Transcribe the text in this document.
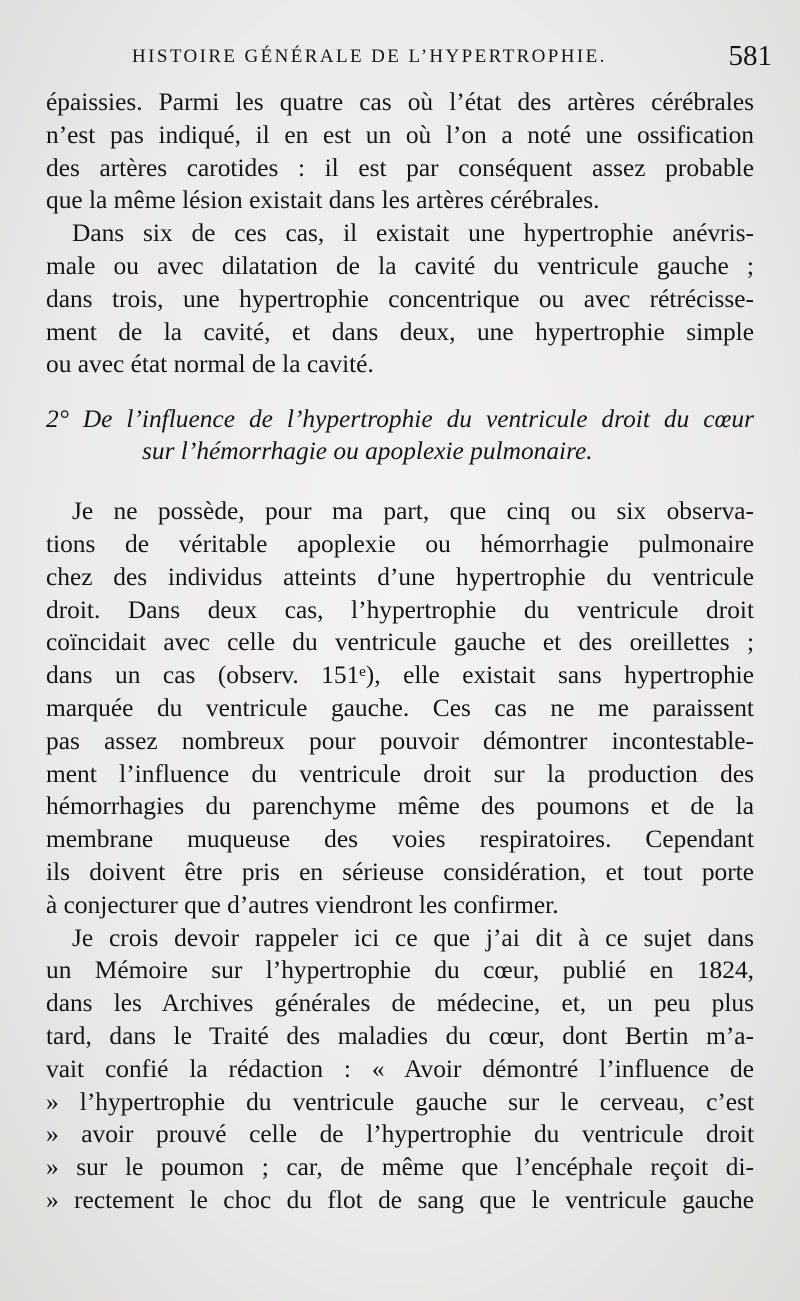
HISTOIRE GÉNÉRALE DE L’HYPERTROPHIE.	581
épaissies. Parmi les quatre cas où l’état des artères cérébrales
n’est pas indiqué, il en est un où l’on a noté une ossification
des artères carotides : il est par conséquent assez probable
que la même lésion existait dans les artères cérébrales.
Dans six de ces cas, il existait une hypertrophie anévris-
male ou avec dilatation de la cavité du ventricule gauche ;
dans trois, une hypertrophie concentrique ou avec rétrécisse-
ment de la cavité, et dans deux, une hypertrophie simple
ou avec état normal de la cavité.
2° De l’influence de l’hypertrophie du ventricule droit du cœur
sur l’hémorrhagie ou apoplexie pulmonaire.
Je ne possède, pour ma part, que cinq ou six observa-
tions de véritable apoplexie ou hémorrhagie pulmonaire
chez des individus atteints d’une hypertrophie du ventricule
droit. Dans deux cas, l’hypertrophie du ventricule droit
coïncidait avec celle du ventricule gauche et des oreillettes ;
dans un cas (observ. 151ᵉ), elle existait sans hypertrophie
marquée du ventricule gauche. Ces cas ne me paraissent
pas assez nombreux pour pouvoir démontrer incontestable-
ment l’influence du ventricule droit sur la production des
hémorrhagies du parenchyme même des poumons et de la
membrane muqueuse des voies respiratoires. Cependant
ils doivent être pris en sérieuse considération, et tout porte
à conjecturer que d’autres viendront les confirmer.
Je crois devoir rappeler ici ce que j’ai dit à ce sujet dans
un Mémoire sur l’hypertrophie du cœur, publié en 1824,
dans les Archives générales de médecine, et, un peu plus
tard, dans le Traité des maladies du cœur, dont Bertin m’a-
vait confié la rédaction : « Avoir démontré l’influence de
» l’hypertrophie du ventricule gauche sur le cerveau, c’est
» avoir prouvé celle de l’hypertrophie du ventricule droit
» sur le poumon ; car, de même que l’encéphale reçoit di-
» rectement le choc du flot de sang que le ventricule gauche
